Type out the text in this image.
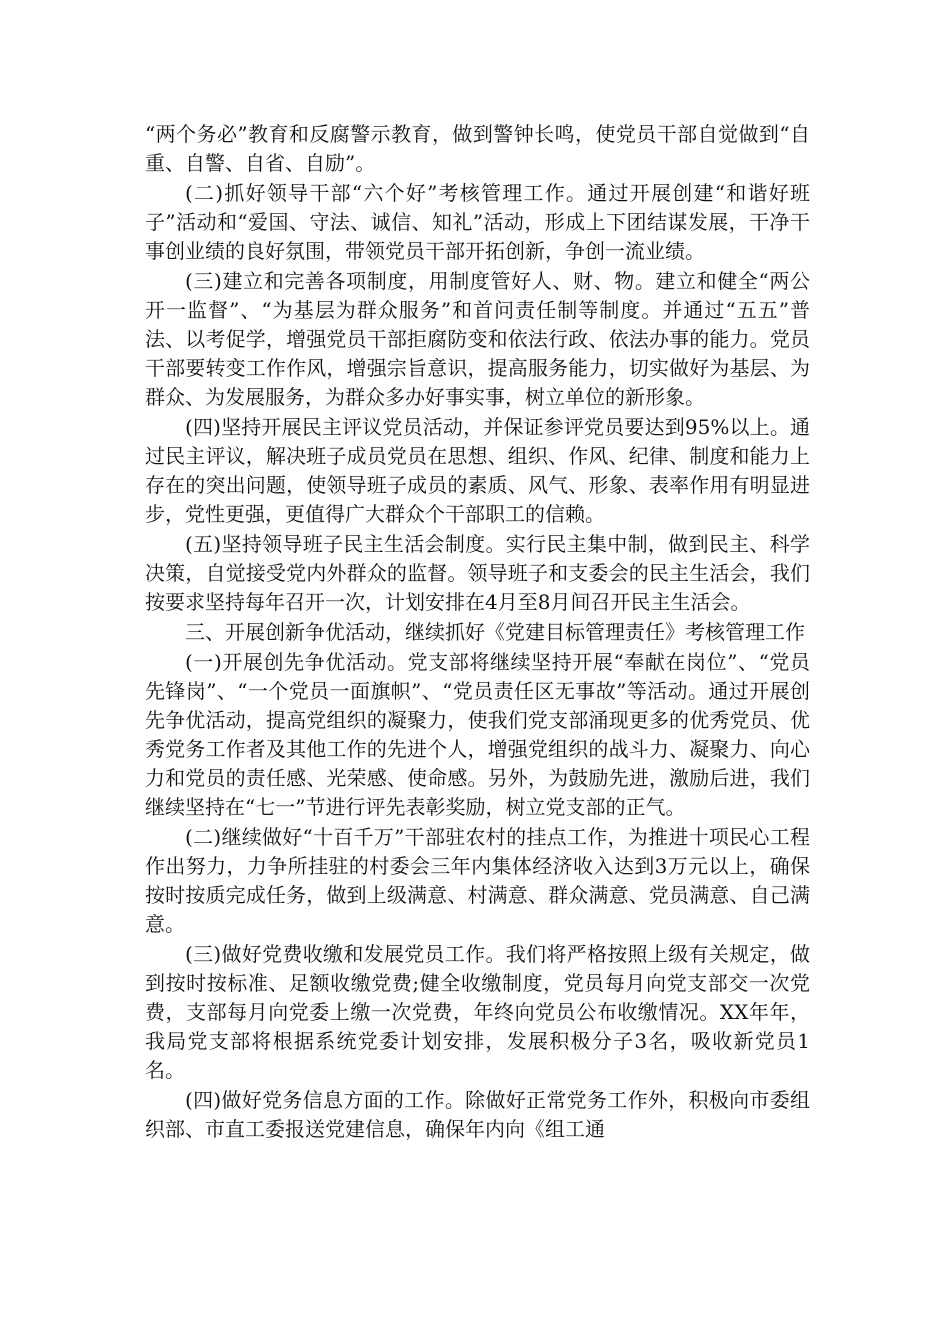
“两个务必”教育和反腐警示教育，做到警钟长鸣，使党员干部自觉做到“自重、自警、自省、自励”。

(二)抓好领导干部“六个好”考核管理工作。通过开展创建“和谐好班子”活动和“爱国、守法、诚信、知礼”活动，形成上下团结谋发展，干净干事创业绩的良好氛围，带领党员干部开拓创新，争创一流业绩。

(三)建立和完善各项制度，用制度管好人、财、物。建立和健全“两公开一监督”、“为基层为群众服务”和首问责任制等制度。并通过“五五”普法、以考促学，增强党员干部拒腐防变和依法行政、依法办事的能力。党员干部要转变工作作风，增强宗旨意识，提高服务能力，切实做好为基层、为群众、为发展服务，为群众多办好事实事，树立单位的新形象。

(四)坚持开展民主评议党员活动，并保证参评党员要达到95%以上。通过民主评议，解决班子成员党员在思想、组织、作风、纪律、制度和能力上存在的突出问题，使领导班子成员的素质、风气、形象、表率作用有明显进步，党性更强，更值得广大群众个干部职工的信赖。

(五)坚持领导班子民主生活会制度。实行民主集中制，做到民主、科学决策，自觉接受党内外群众的监督。领导班子和支委会的民主生活会，我们按要求坚持每年召开一次，计划安排在4月至8月间召开民主生活会。

三、开展创新争优活动，继续抓好《党建目标管理责任》考核管理工作

(一)开展创先争优活动。党支部将继续坚持开展“奉献在岗位”、“党员先锋岗”、“一个党员一面旗帜”、“党员责任区无事故”等活动。通过开展创先争优活动，提高党组织的凝聚力，使我们党支部涌现更多的优秀党员、优秀党务工作者及其他工作的先进个人，增强党组织的战斗力、凝聚力、向心力和党员的责任感、光荣感、使命感。另外，为鼓励先进，激励后进，我们继续坚持在“七一”节进行评先表彰奖励，树立党支部的正气。

(二)继续做好“十百千万”干部驻农村的挂点工作，为推进十项民心工程作出努力，力争所挂驻的村委会三年内集体经济收入达到3万元以上，确保按时按质完成任务，做到上级满意、村满意、群众满意、党员满意、自己满意。

(三)做好党费收缴和发展党员工作。我们将严格按照上级有关规定，做到按时按标准、足额收缴党费;健全收缴制度，党员每月向党支部交一次党费，支部每月向党委上缴一次党费，年终向党员公布收缴情况。XX年年，我局党支部将根据系统党委计划安排，发展积极分子3名，吸收新党员1名。

(四)做好党务信息方面的工作。除做好正常党务工作外，积极向市委组织部、市直工委报送党建信息，确保年内向《组工通
